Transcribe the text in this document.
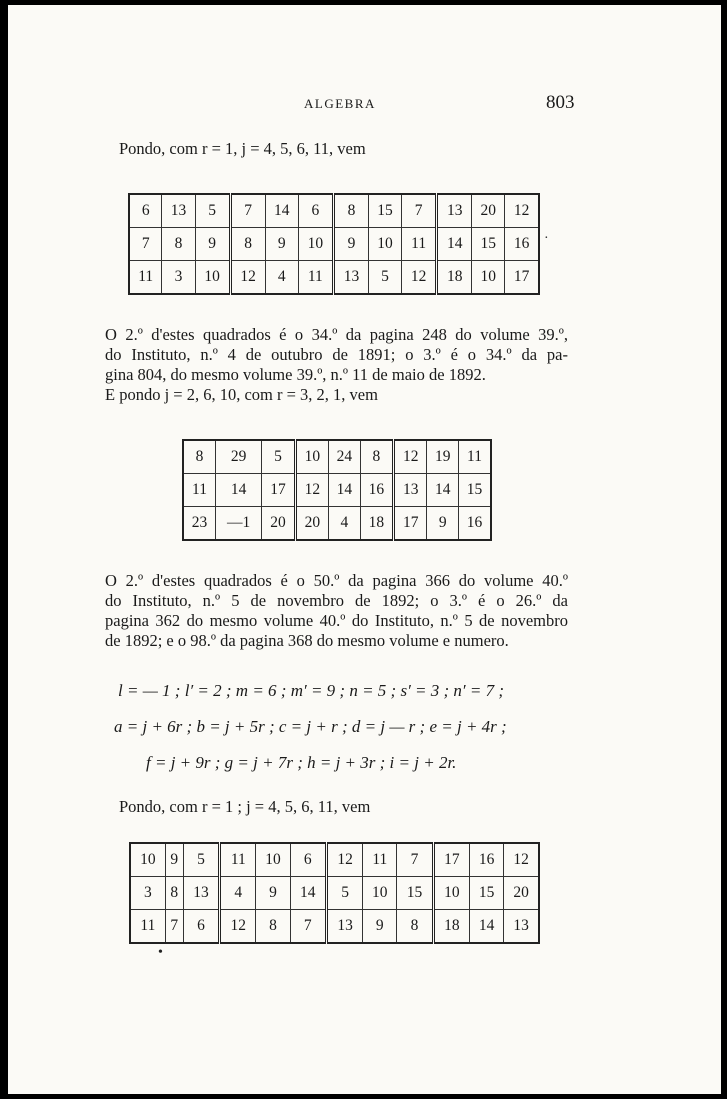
ALGEBRA	803
Pondo, com r = 1, j = 4, 5, 6, 11, vem
6	13	5	7	14	6	8	15	7	13	20	12
7	8	9	8	9	10	9	10	11	14	15	16
11	3	10	12	4	11	13	5	12	18	10	17
·
O 2.º d'estes quadrados é o 34.º da pagina 248 do volume 39.º,
do Instituto, n.º 4 de outubro de 1891; o 3.º é o 34.º da pa-
gina 804, do mesmo volume 39.º, n.º 11 de maio de 1892.
E pondo j = 2, 6, 10, com r = 3, 2, 1, vem
8	29	5	10	24	8	12	19	11
11	14	17	12	14	16	13	14	15
23	—1	20	20	4	18	17	9	16
O 2.º d'estes quadrados é o 50.º da pagina 366 do volume 40.º
do Instituto, n.º 5 de novembro de 1892; o 3.º é o 26.º da
pagina 362 do mesmo volume 40.º do Instituto, n.º 5 de novembro
de 1892; e o 98.º da pagina 368 do mesmo volume e numero.
l = — 1 ; l′ = 2 ; m = 6 ; m′ = 9 ; n = 5 ; s′ = 3 ; n′ = 7 ;
a = j + 6r ; b = j + 5r ; c = j + r ; d = j — r ; e = j + 4r ;
f = j + 9r ; g = j + 7r ; h = j + 3r ; i = j + 2r.
Pondo, com r = 1 ; j = 4, 5, 6, 11, vem
10	9	5	11	10	6	12	11	7	17	16	12
3	8	13	4	9	14	5	10	15	10	15	20
11	7	6	12	8	7	13	9	8	18	14	13
•
